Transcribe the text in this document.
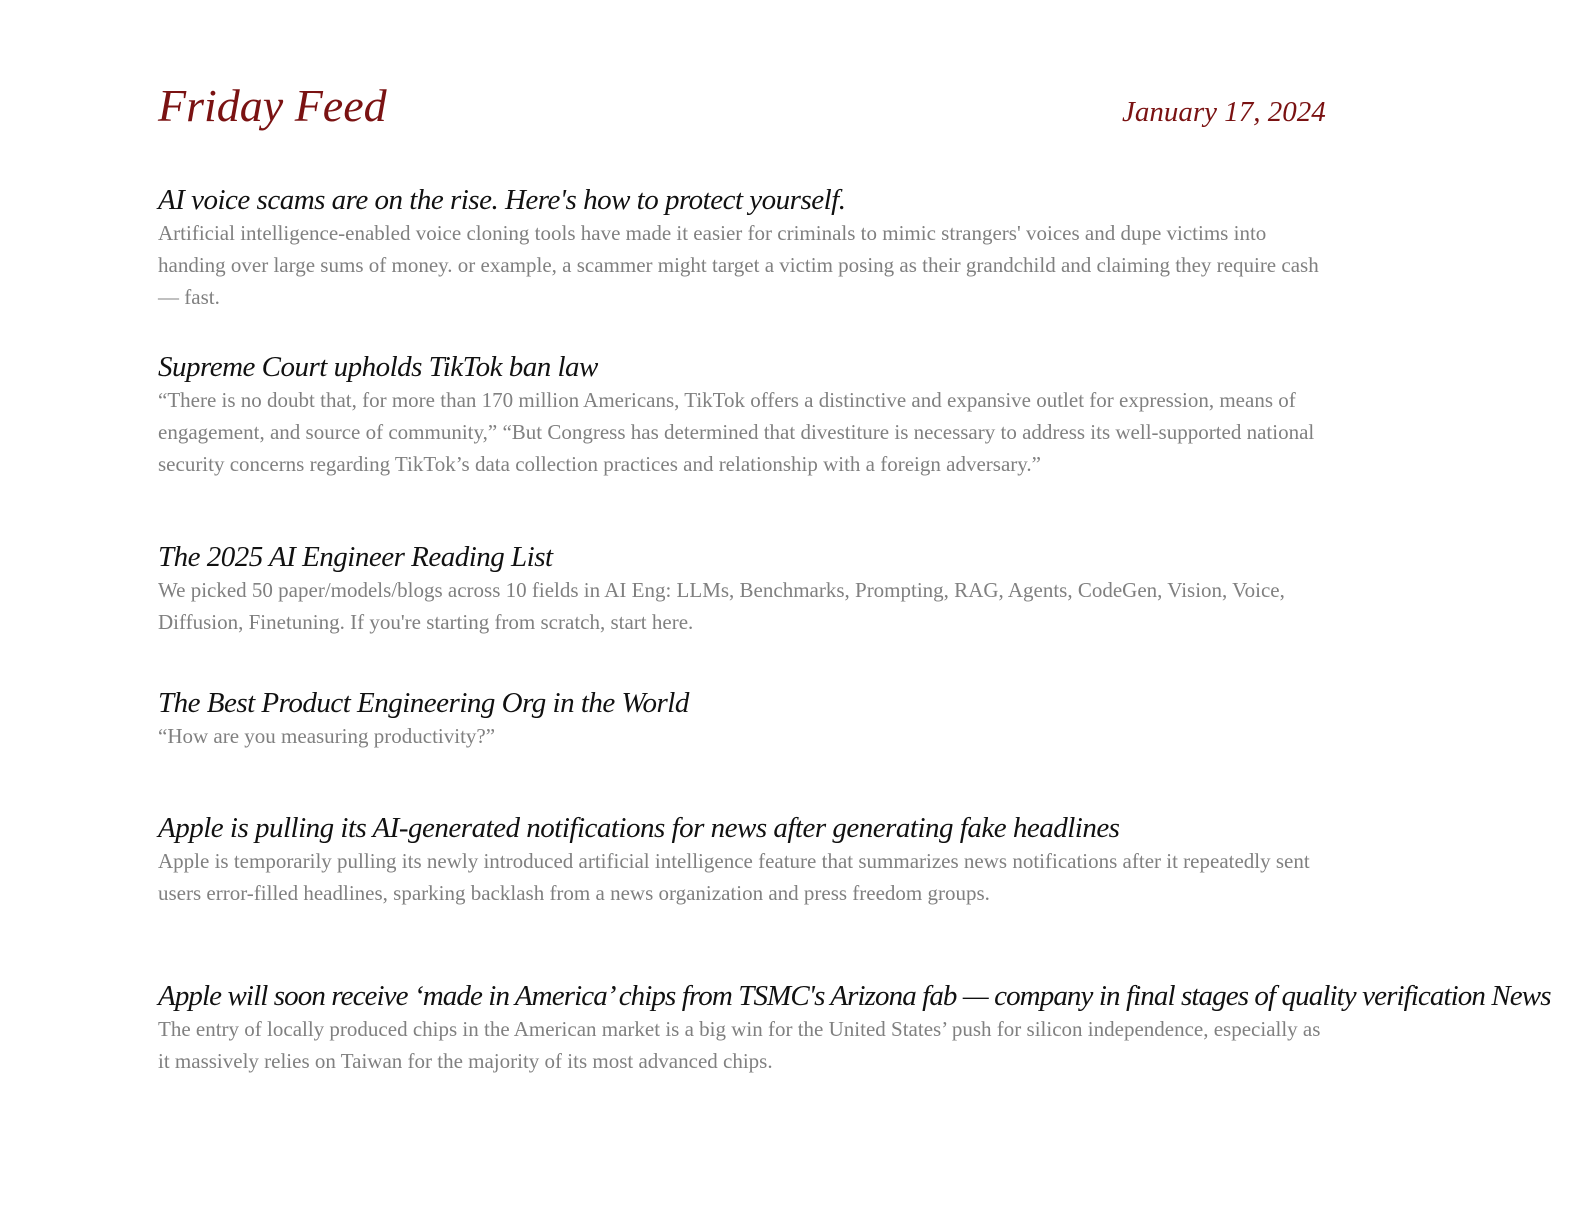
Friday Feed	January 17, 2024
AI voice scams are on the rise. Here's how to protect yourself.

Artificial intelligence-enabled voice cloning tools have made it easier for criminals to mimic strangers' voices and dupe victims into handing over large sums of money. or example, a scammer might target a victim posing as their grandchild and claiming they require cash — fast.

Supreme Court upholds TikTok ban law

“There is no doubt that, for more than 170 million Americans, TikTok offers a distinctive and expansive outlet for expression, means of engagement, and source of community,” “But Congress has determined that divestiture is necessary to address its well-supported national security concerns regarding TikTok’s data collection practices and relationship with a foreign adversary.”

The 2025 AI Engineer Reading List

We picked 50 paper/models/blogs across 10 fields in AI Eng: LLMs, Benchmarks, Prompting, RAG, Agents, CodeGen, Vision, Voice, Diffusion, Finetuning. If you're starting from scratch, start here.

The Best Product Engineering Org in the World

“How are you measuring productivity?”

Apple is pulling its AI-generated notifications for news after generating fake headlines

Apple is temporarily pulling its newly introduced artificial intelligence feature that summarizes news notifications after it repeatedly sent users error-filled headlines, sparking backlash from a news organization and press freedom groups.

Apple will soon receive ‘made in America’ chips from TSMC's Arizona fab — company in final stages of quality verification News

The entry of locally produced chips in the American market is a big win for the United States’ push for silicon independence, especially as it massively relies on Taiwan for the majority of its most advanced chips.
